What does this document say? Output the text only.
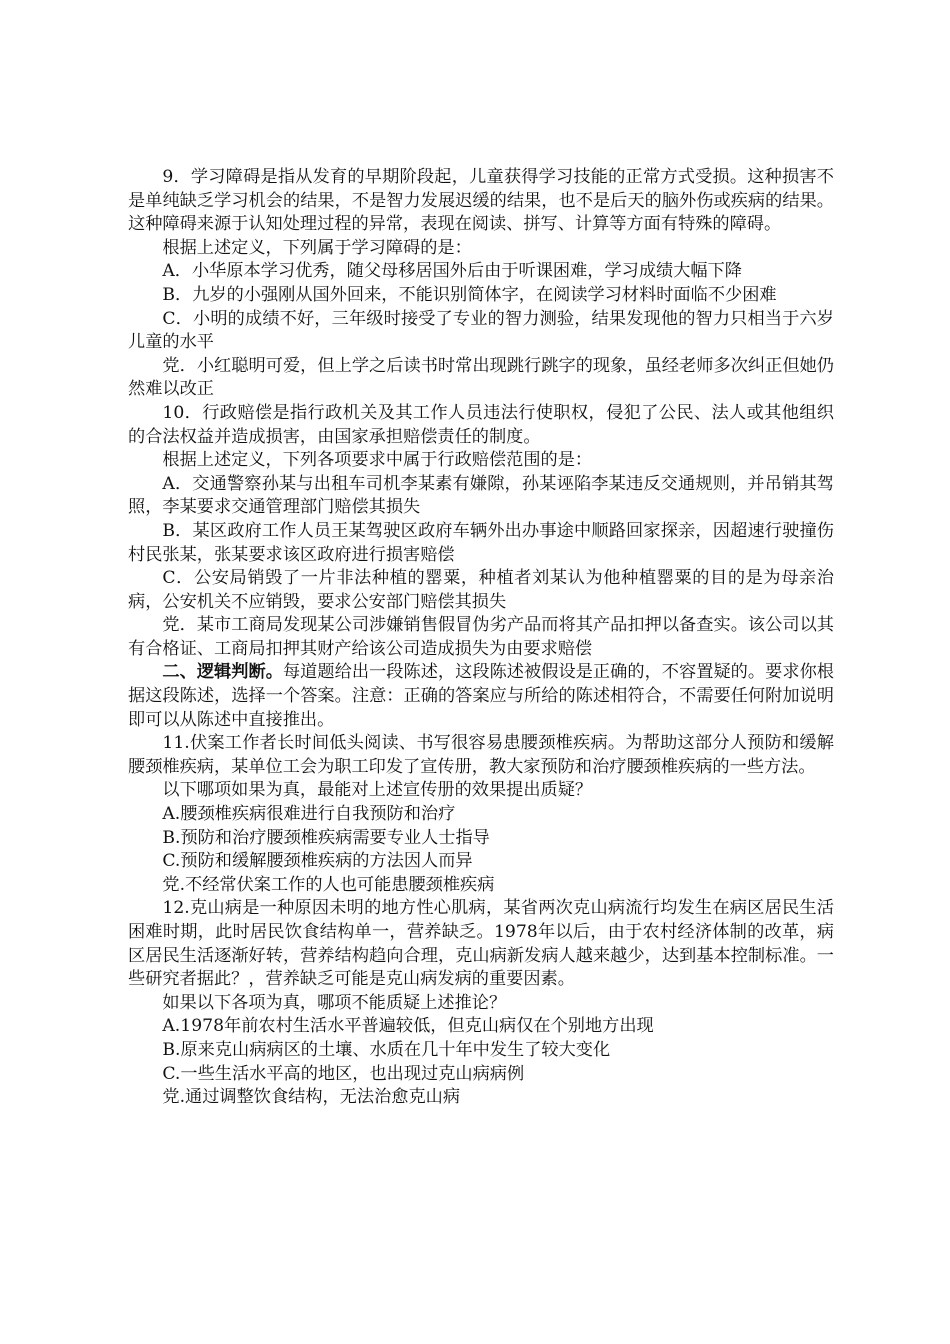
9．学习障碍是指从发育的早期阶段起，儿童获得学习技能的正常方式受损。这种损害不是单纯缺乏学习机会的结果，不是智力发展迟缓的结果，也不是后天的脑外伤或疾病的结果。这种障碍来源于认知处理过程的异常，表现在阅读、拼写、计算等方面有特殊的障碍。

根据上述定义，下列属于学习障碍的是：

A．小华原本学习优秀，随父母移居国外后由于听课困难，学习成绩大幅下降

B．九岁的小强刚从国外回来，不能识别简体字，在阅读学习材料时面临不少困难

C．小明的成绩不好，三年级时接受了专业的智力测验，结果发现他的智力只相当于六岁儿童的水平

党．小红聪明可爱，但上学之后读书时常出现跳行跳字的现象，虽经老师多次纠正但她仍然难以改正

10．行政赔偿是指行政机关及其工作人员违法行使职权，侵犯了公民、法人或其他组织的合法权益并造成损害，由国家承担赔偿责任的制度。

根据上述定义，下列各项要求中属于行政赔偿范围的是：

A．交通警察孙某与出租车司机李某素有嫌隙，孙某诬陷李某违反交通规则，并吊销其驾照，李某要求交通管理部门赔偿其损失

B．某区政府工作人员王某驾驶区政府车辆外出办事途中顺路回家探亲，因超速行驶撞伤村民张某，张某要求该区政府进行损害赔偿

C．公安局销毁了一片非法种植的罂粟，种植者刘某认为他种植罂粟的目的是为母亲治病，公安机关不应销毁，要求公安部门赔偿其损失

党．某市工商局发现某公司涉嫌销售假冒伪劣产品而将其产品扣押以备查实。该公司以其有合格证、工商局扣押其财产给该公司造成损失为由要求赔偿

二、逻辑判断。每道题给出一段陈述，这段陈述被假设是正确的，不容置疑的。要求你根据这段陈述，选择一个答案。注意：正确的答案应与所给的陈述相符合，不需要任何附加说明即可以从陈述中直接推出。

11.伏案工作者长时间低头阅读、书写很容易患腰颈椎疾病。为帮助这部分人预防和缓解腰颈椎疾病，某单位工会为职工印发了宣传册，教大家预防和治疗腰颈椎疾病的一些方法。

以下哪项如果为真，最能对上述宣传册的效果提出质疑？

A.腰颈椎疾病很难进行自我预防和治疗

B.预防和治疗腰颈椎疾病需要专业人士指导

C.预防和缓解腰颈椎疾病的方法因人而异

党.不经常伏案工作的人也可能患腰颈椎疾病

12.克山病是一种原因未明的地方性心肌病，某省两次克山病流行均发生在病区居民生活困难时期，此时居民饮食结构单一，营养缺乏。1978年以后，由于农村经济体制的改革，病区居民生活逐渐好转，营养结构趋向合理，克山病新发病人越来越少，达到基本控制标准。一些研究者据此？，营养缺乏可能是克山病发病的重要因素。

如果以下各项为真，哪项不能质疑上述推论？

A.1978年前农村生活水平普遍较低，但克山病仅在个别地方出现

B.原来克山病病区的土壤、水质在几十年中发生了较大变化

C.一些生活水平高的地区，也出现过克山病病例

党.通过调整饮食结构，无法治愈克山病
